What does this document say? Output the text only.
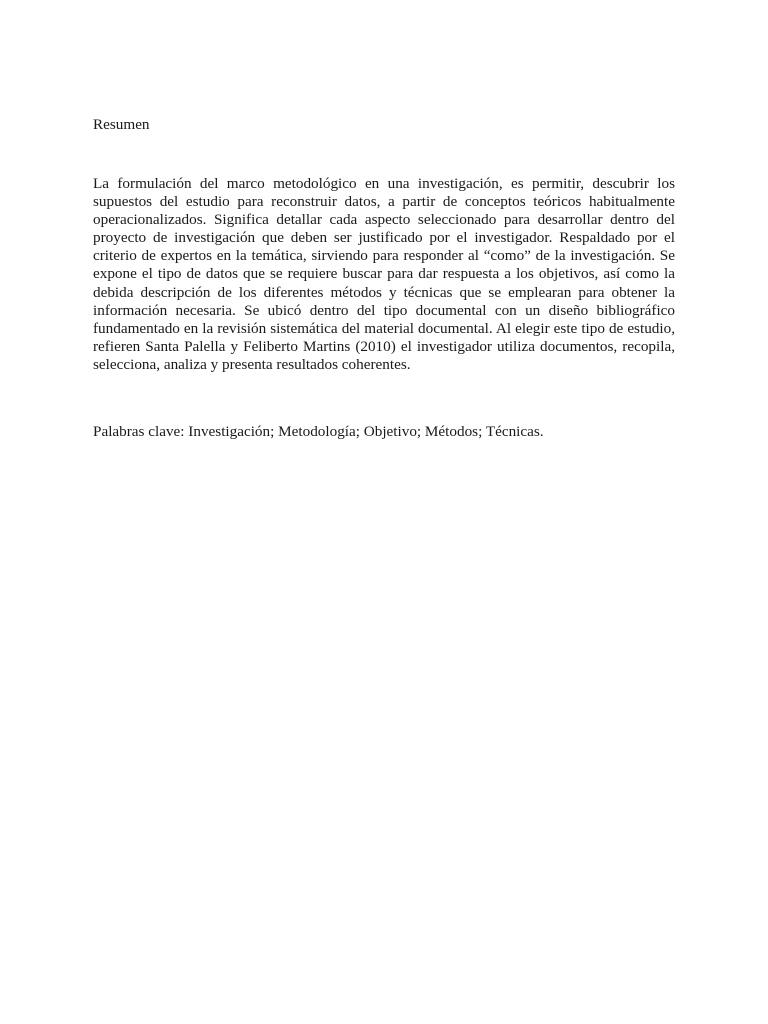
Resumen

La formulación del marco metodológico en una investigación, es permitir, descubrir los supuestos del estudio para reconstruir datos, a partir de conceptos teóricos habitualmente operacionalizados. Significa detallar cada aspecto seleccionado para desarrollar dentro del proyecto de investigación que deben ser justificado por el investigador. Respaldado por el criterio de expertos en la temática, sirviendo para responder al “como” de la investigación. Se expone el tipo de datos que se requiere buscar para dar respuesta a los objetivos, así como la debida descripción de los diferentes métodos y técnicas que se emplearan para obtener la información necesaria. Se ubicó dentro del tipo documental con un diseño bibliográfico fundamentado en la revisión sistemática del material documental. Al elegir este tipo de estudio, refieren Santa Palella y Feliberto Martins (2010) el investigador utiliza documentos, recopila, selecciona, analiza y presenta resultados coherentes.

Palabras clave: Investigación; Metodología; Objetivo; Métodos; Técnicas.
